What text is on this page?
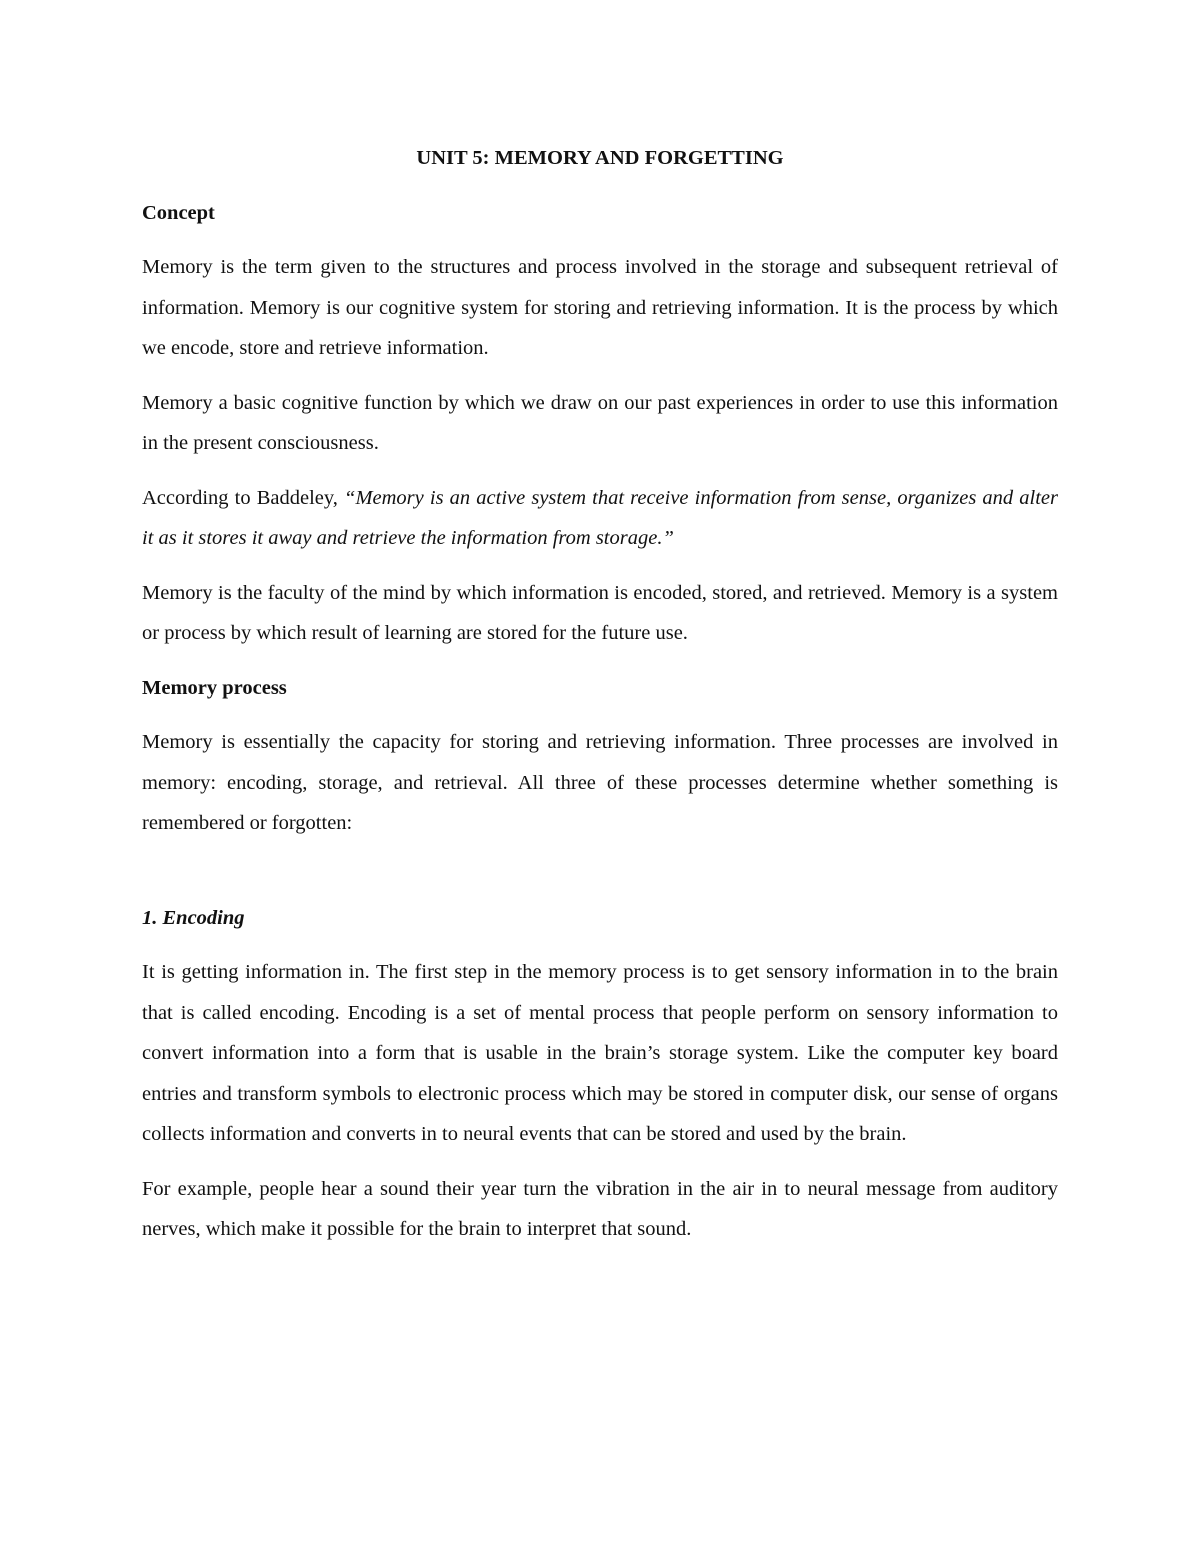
UNIT 5: MEMORY AND FORGETTING
Concept

Memory is the term given to the structures and process involved in the storage and subsequent retrieval of information. Memory is our cognitive system for storing and retrieving information. It is the process by which we encode, store and retrieve information.

Memory a basic cognitive function by which we draw on our past experiences in order to use this information in the present consciousness.

According to Baddeley, “Memory is an active system that receive information from sense, organizes and alter it as it stores it away and retrieve the information from storage.”

Memory is the faculty of the mind by which information is encoded, stored, and retrieved. Memory is a system or process by which result of learning are stored for the future use.

Memory process

Memory is essentially the capacity for storing and retrieving information. Three processes are involved in memory: encoding, storage, and retrieval. All three of these processes determine whether something is remembered or forgotten:

1. Encoding

It is getting information in. The first step in the memory process is to get sensory information in to the brain that is called encoding. Encoding is a set of mental process that people perform on sensory information to convert information into a form that is usable in the brain’s storage system. Like the computer key board entries and transform symbols to electronic process which may be stored in computer disk, our sense of organs collects information and converts in to neural events that can be stored and used by the brain.

For example, people hear a sound their year turn the vibration in the air in to neural message from auditory nerves, which make it possible for the brain to interpret that sound.
